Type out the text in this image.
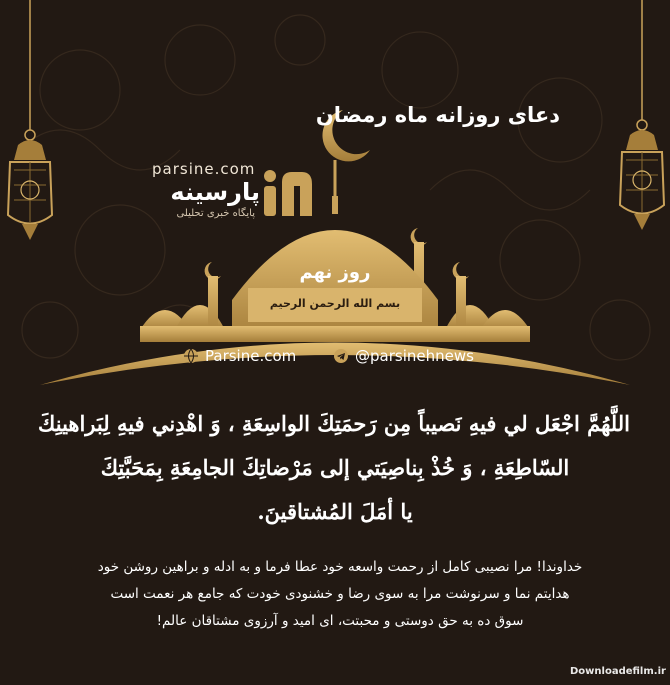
دعای روزانه ماه رمضان
parsine.com
پارسینه
پایگاه خبری تحلیلی
روز نهم
بسم الله الرحمن الرحیم
Parsine.com	@parsinehnews
اللَّهُمَّ اجْعَل لي فيهِ نَصيباً مِن رَحمَتِكَ الواسِعَةِ ، وَ اهْدِني فيهِ لِبَراهينِكَ
السّاطِعَةِ ، وَ خُذْ بِناصِيَتي إلى مَرْضاتِكَ الجامِعَةِ بِمَحَبَّتِكَ
يا أمَلَ المُشتاقينَ.
خداوندا! مرا نصیبی کامل از رحمت واسعه خود عطا فرما و به ادله و براهین روشن خود
هدایتم نما و سرنوشت مرا به سوی رضا و خشنودی خودت که جامع هر نعمت است
سوق ده به حق دوستی و محبتت، ای امید و آرزوی مشتاقان عالم!
Downloadefilm.ir
